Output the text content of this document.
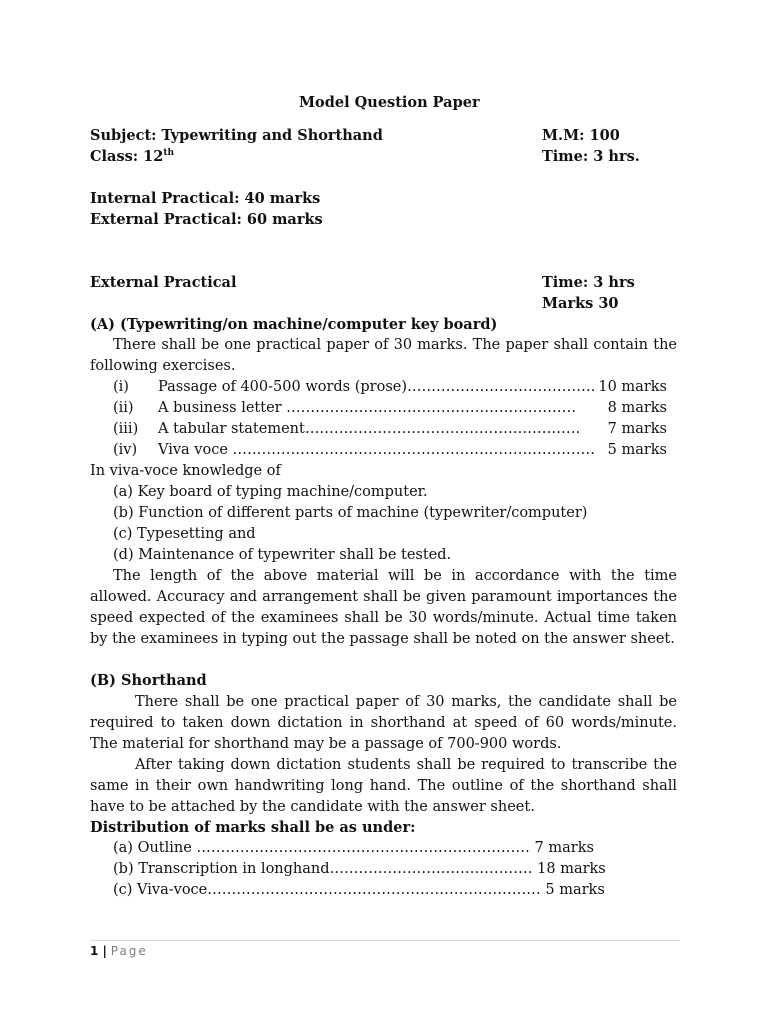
Model Question Paper
Subject: Typewriting and Shorthand	M.M: 100
Class: 12th	Time: 3 hrs.
Internal Practical: 40 marks
External Practical: 60 marks
External Practical	Time: 3 hrs
Marks 30
(A) (Typewriting/on machine/computer key board)
There shall be one practical paper of 30 marks. The paper shall contain the following exercises.
(i) Passage of 400-500 words (prose)………………………………… 10 marks
(ii) A business letter …………………………………………………… 8 marks
(iii) A tabular statement………………………………………………… 7 marks
(iv) Viva voce ………………………………………………………………… 5 marks
In viva-voce knowledge of
(a) Key board of typing machine/computer.
(b) Function of different parts of machine (typewriter/computer)
(c) Typesetting and
(d) Maintenance of typewriter shall be tested.
The length of the above material will be in accordance with the time allowed. Accuracy and arrangement shall be given paramount importances the speed expected of the examinees shall be 30 words/minute. Actual time taken by the examinees in typing out the passage shall be noted on the answer sheet.
(B) Shorthand
There shall be one practical paper of 30 marks, the candidate shall be required to taken down dictation in shorthand at speed of 60 words/minute. The material for shorthand may be a passage of 700-900 words.
After taking down dictation students shall be required to transcribe the same in their own handwriting long hand. The outline of the shorthand shall have to be attached by the candidate with the answer sheet.
Distribution of marks shall be as under:
(a) Outline …………………………………………………………… 7 marks
(b) Transcription in longhand…………………………………… 18 marks
(c) Viva-voce…………………………………………………………… 5 marks
1 | Page
